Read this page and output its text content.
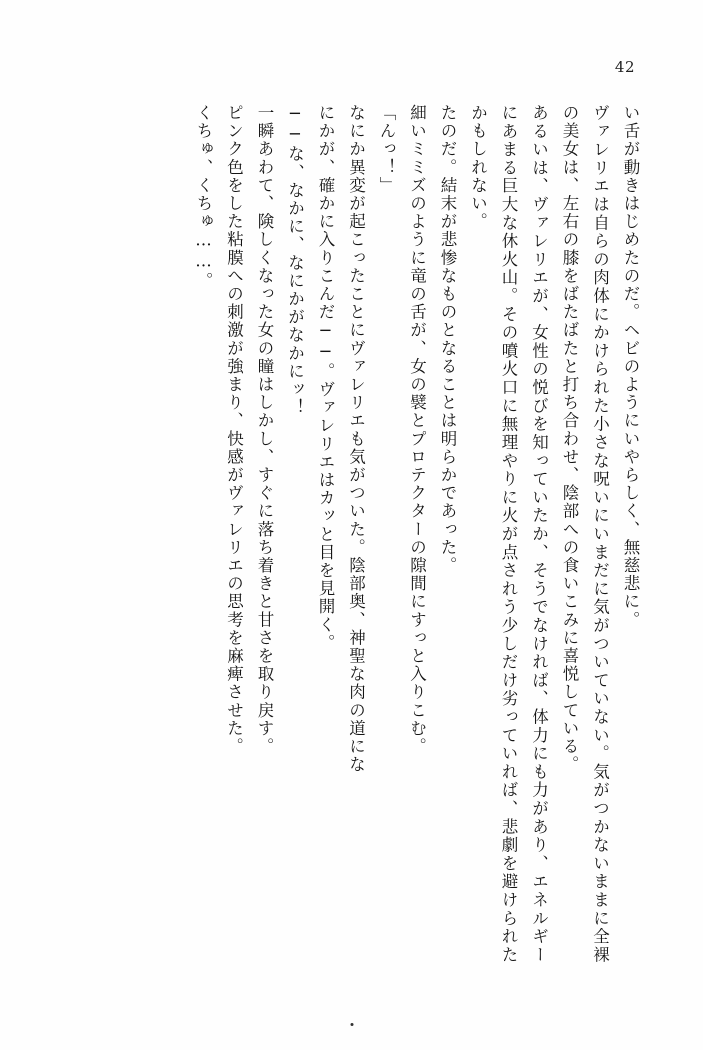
42

い舌が動きはじめたのだ。ヘビのようにいやらしく、無慈悲に。

ヴァレリエは自らの肉体にかけられた小さな呪いにいまだに気がついていない。気がつかないままに全裸の美女は、左右の膝をばたばたと打ち合わせ、陰部への食いこみに喜悦している。

あるいは、ヴァレリエが、女性の悦びを知っていたか、そうでなければ、体力にも力があり、エネルギーにあまる巨大な休火山。その噴火口に無理やりに火が点されう少しだけ劣っていれば、悲劇を避けられたかもしれない。

たのだ。結末が悲惨なものとなることは明らかであった。

細いミミズのように竜の舌が、女の襞とプロテクターの隙間にすっと入りこむ。

「んっ！」

なにか異変が起こったことにヴァレリエも気がついた。陰部奥、神聖な肉の道にな

にかが、確かに入りこんだ──。ヴァレリエはカッと目を見開く。

──な、なかに、なにかがなかにッ！

一瞬あわて、険しくなった女の瞳はしかし、すぐに落ち着きと甘さを取り戻す。

ピンク色をした粘膜への刺激が強まり、快感がヴァレリエの思考を麻痺させた。

くちゅ、くちゅ……。
